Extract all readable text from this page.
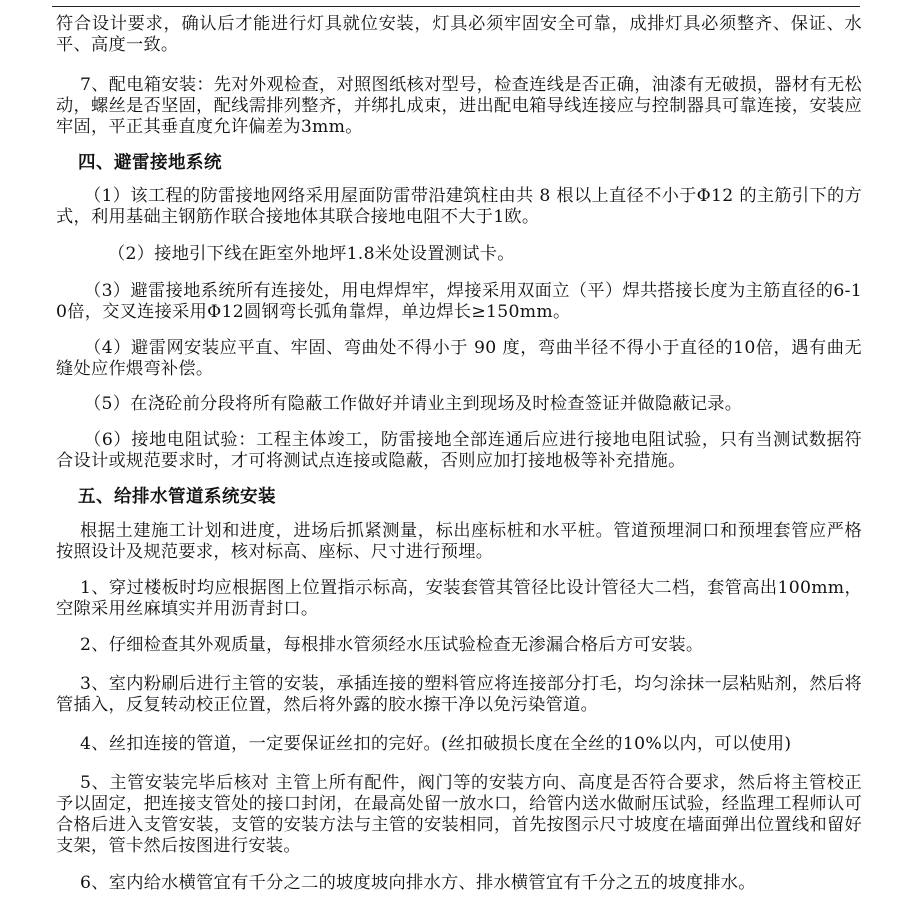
符合设计要求，确认后才能进行灯具就位安装，灯具必须牢固安全可靠，成排灯具必须整齐、保证、水平、高度一致。

7、配电箱安装：先对外观检查，对照图纸核对型号，检查连线是否正确，油漆有无破损，器材有无松动，螺丝是否坚固，配线需排列整齐，并绑扎成束，进出配电箱导线连接应与控制器具可靠连接，安装应牢固，平正其垂直度允许偏差为3mm。

四、避雷接地系统

（1）该工程的防雷接地网络采用屋面防雷带沿建筑柱由共 8 根以上直径不小于Φ12 的主筋引下的方式，利用基础主钢筋作联合接地体其联合接地电阻不大于1欧。

（2）接地引下线在距室外地坪1.8米处设置测试卡。

（3）避雷接地系统所有连接处，用电焊焊牢，焊接采用双面立（平）焊共搭接长度为主筋直径的6-10倍，交叉连接采用Φ12圆钢弯长弧角靠焊，单边焊长≥150mm。

（4）避雷网安装应平直、牢固、弯曲处不得小于 90 度，弯曲半径不得小于直径的10倍，遇有曲无缝处应作煨弯补偿。

（5）在浇砼前分段将所有隐蔽工作做好并请业主到现场及时检查签证并做隐蔽记录。

（6）接地电阻试验：工程主体竣工，防雷接地全部连通后应进行接地电阻试验，只有当测试数据符合设计或规范要求时，才可将测试点连接或隐蔽，否则应加打接地极等补充措施。

五、给排水管道系统安装

根据土建施工计划和进度，进场后抓紧测量，标出座标桩和水平桩。管道预埋洞口和预埋套管应严格按照设计及规范要求，核对标高、座标、尺寸进行预埋。

1、穿过楼板时均应根据图上位置指示标高，安装套管其管径比设计管径大二档，套管高出100mm，空隙采用丝麻填实并用沥青封口。

2、仔细检查其外观质量，每根排水管须经水压试验检查无渗漏合格后方可安装。

3、室内粉刷后进行主管的安装，承插连接的塑料管应将连接部分打毛，均匀涂抹一层粘贴剂，然后将管插入，反复转动校正位置，然后将外露的胶水擦干净以免污染管道。

4、丝扣连接的管道，一定要保证丝扣的完好。(丝扣破损长度在全丝的10%以内，可以使用)

5、主管安装完毕后核对 主管上所有配件，阀门等的安装方向、高度是否符合要求，然后将主管校正予以固定，把连接支管处的接口封闭，在最高处留一放水口，给管内送水做耐压试验，经监理工程师认可合格后进入支管安装，支管的安装方法与主管的安装相同，首先按图示尺寸坡度在墙面弹出位置线和留好支架，管卡然后按图进行安装。

6、室内给水横管宜有千分之二的坡度坡向排水方、排水横管宜有千分之五的坡度排水。
